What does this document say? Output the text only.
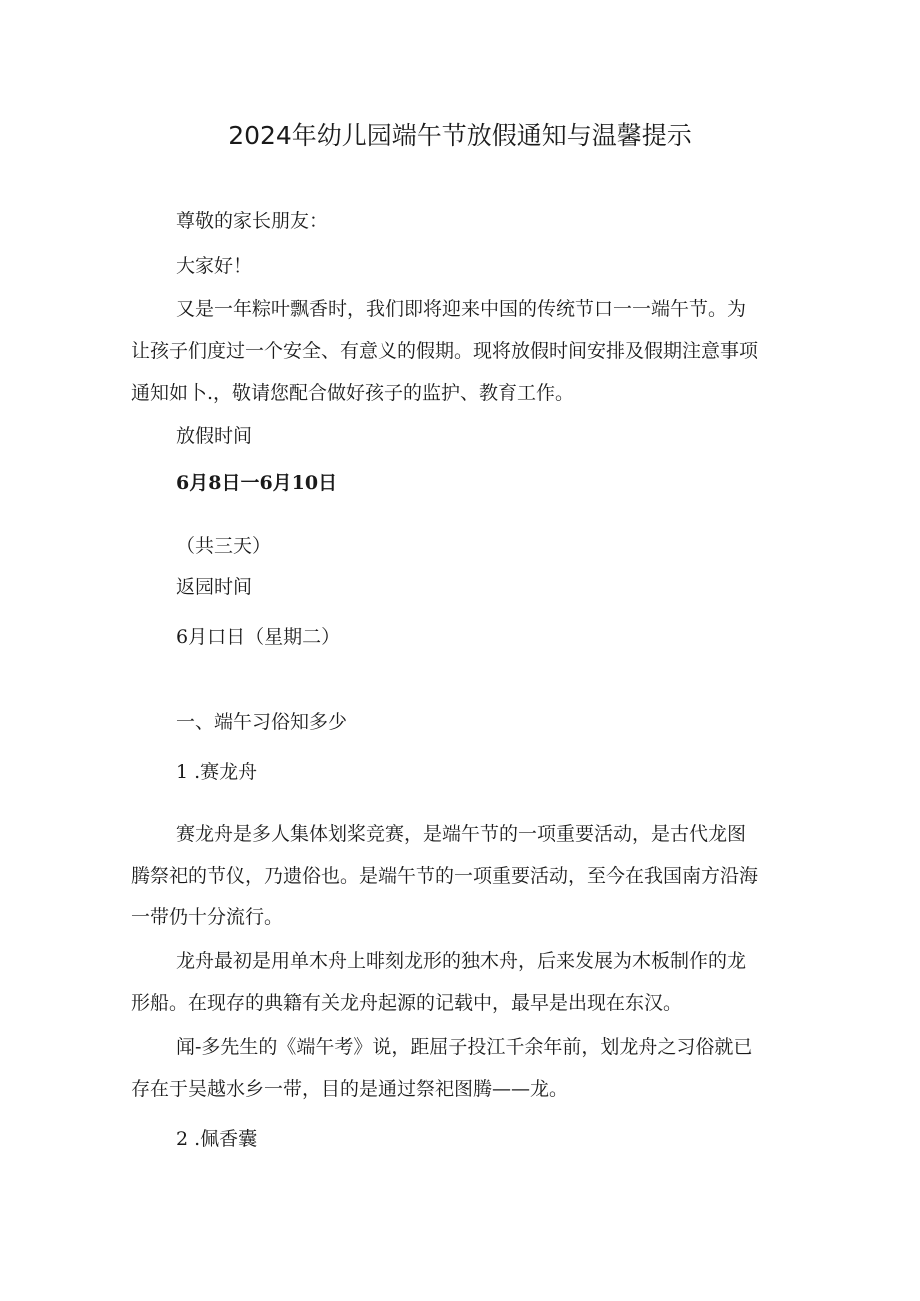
2024年幼儿园端午节放假通知与温馨提示
尊敬的家长朋友：
大家好！
又是一年粽叶飘香时，我们即将迎来中国的传统节口一一端午节。为
让孩子们度过一个安全、有意义的假期。现将放假时间安排及假期注意事项
通知如卜.，敬请您配合做好孩子的监护、教育工作。
放假时间
6月8日一6月10日
（共三天）
返园时间
6月口日（星期二）
一、端午习俗知多少
1 .赛龙舟
赛龙舟是多人集体划桨竞赛，是端午节的一项重要活动，是古代龙图
腾祭祀的节仪，乃遗俗也。是端午节的一项重要活动，至今在我国南方沿海
一带仍十分流行。
龙舟最初是用单木舟上啡刻龙形的独木舟，后来发展为木板制作的龙
形船。在现存的典籍有关龙舟起源的记载中，最早是出现在东汉。
闻-多先生的《端午考》说，距屈子投江千余年前，划龙舟之习俗就已
存在于吴越水乡一带，目的是通过祭祀图腾——龙。
2 .佩香囊
